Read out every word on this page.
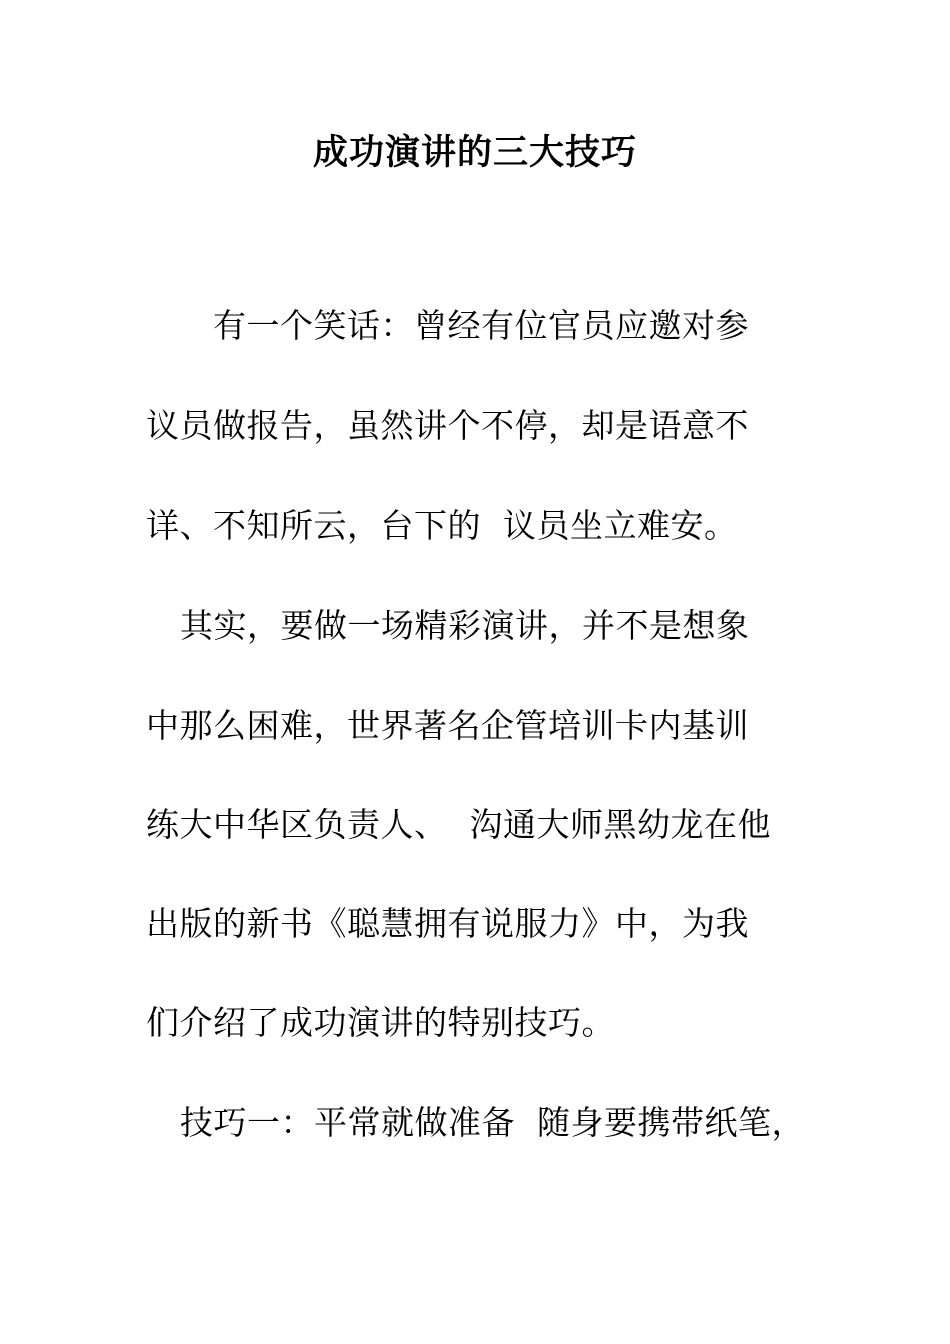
成功演讲的三大技巧
有一个笑话：曾经有位官员应邀对参
议员做报告，虽然讲个不停，却是语意不
详、不知所云，台下的  议员坐立难安。
其实，要做一场精彩演讲，并不是想象
中那么困难，世界著名企管培训卡内基训
练大中华区负责人、  沟通大师黑幼龙在他
出版的新书《聪慧拥有说服力》中，为我
们介绍了成功演讲的特别技巧。
技巧一：平常就做准备  随身要携带纸笔，
